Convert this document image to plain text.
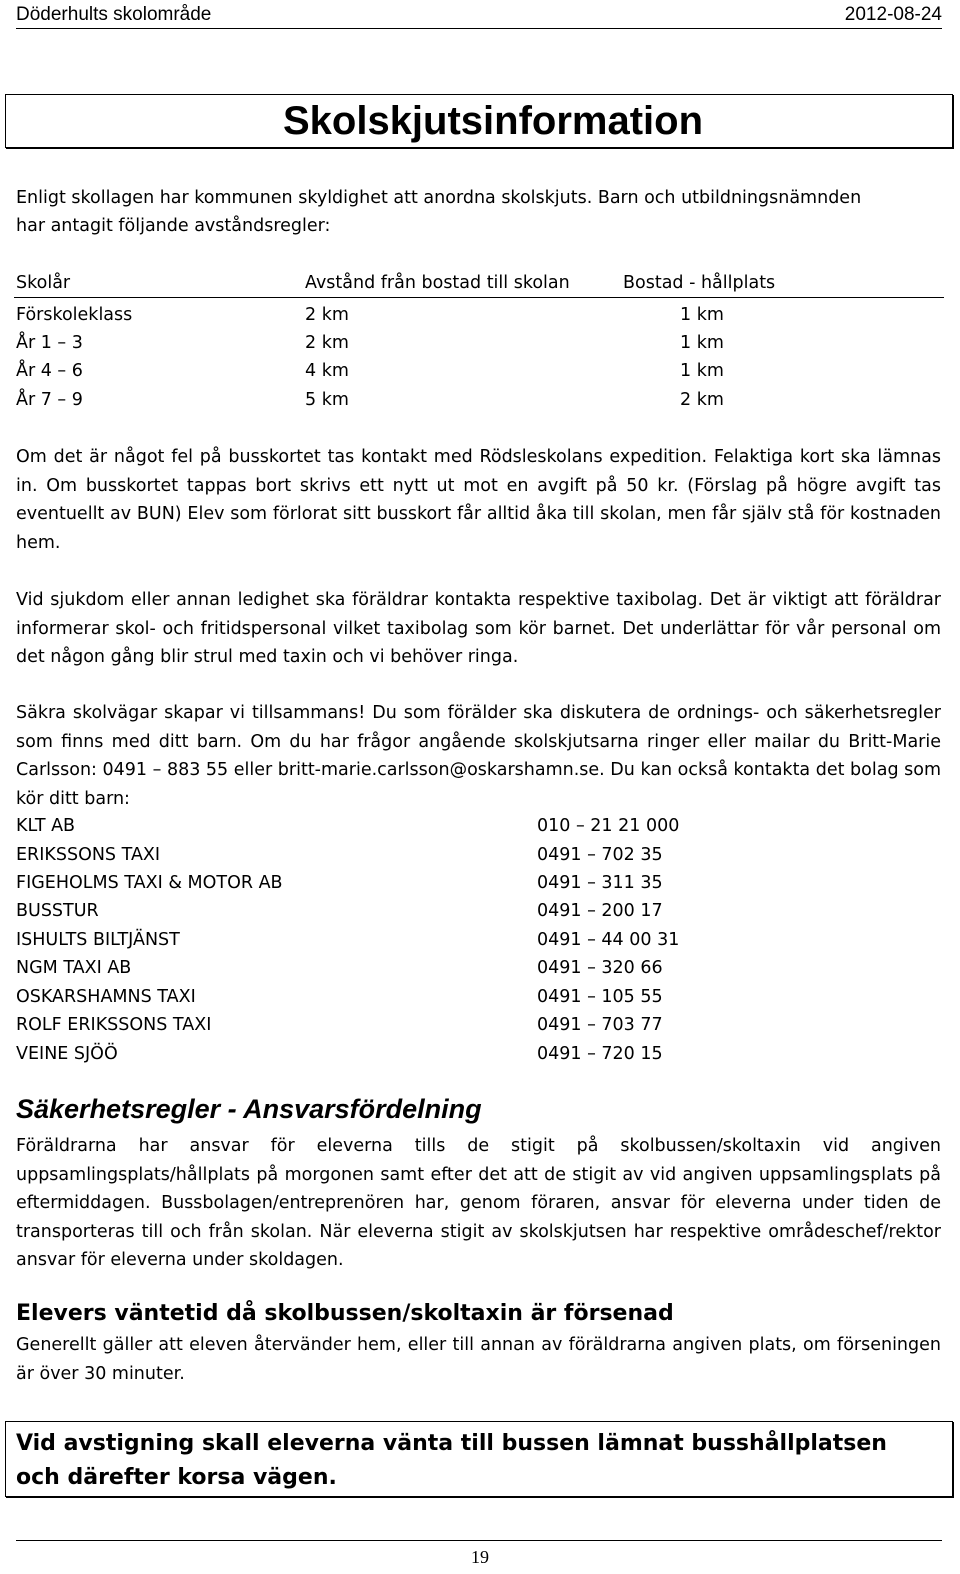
Döderhults skolområde	2012-08-24
Skolskjutsinformation
Enligt skollagen har kommunen skyldighet att anordna skolskjuts. Barn och utbildningsnämnden
har antagit följande avståndsregler:
Skolår	Avstånd från bostad till skolan	Bostad - hållplats
Förskoleklass	2 km	1 km
År 1 – 3	2 km	1 km
År 4 – 6	4 km	1 km
År 7 – 9	5 km	2 km

Om det är något fel på busskortet tas kontakt med Rödsleskolans expedition. Felaktiga kort ska lämnas in. Om busskortet tappas bort skrivs ett nytt ut mot en avgift på 50 kr. (Förslag på högre avgift tas eventuellt av BUN) Elev som förlorat sitt busskort får alltid åka till skolan, men får själv stå för kostnaden hem.

Vid sjukdom eller annan ledighet ska föräldrar kontakta respektive taxibolag. Det är viktigt att föräldrar informerar skol- och fritidspersonal vilket taxibolag som kör barnet. Det underlättar för vår personal om det någon gång blir strul med taxin och vi behöver ringa.

Säkra skolvägar skapar vi tillsammans! Du som förälder ska diskutera de ordnings- och säkerhetsregler som finns med ditt barn. Om du har frågor angående skolskjutsarna ringer eller mailar du Britt-Marie Carlsson: 0491 – 883 55 eller britt-marie.carlsson@oskarshamn.se. Du kan också kontakta det bolag som kör ditt barn:

KLT AB	010 – 21 21 000
ERIKSSONS TAXI	0491 – 702 35
FIGEHOLMS TAXI & MOTOR AB	0491 – 311 35
BUSSTUR	0491 – 200 17
ISHULTS BILTJÄNST	0491 – 44 00 31
NGM TAXI AB	0491 – 320 66
OSKARSHAMNS TAXI	0491 – 105 55
ROLF ERIKSSONS TAXI	0491 – 703 77
VEINE SJÖÖ	0491 – 720 15
Säkerhetsregler - Ansvarsfördelning

Föräldrarna har ansvar för eleverna tills de stigit på skolbussen/skoltaxin vid angiven uppsamlingsplats/hållplats på morgonen samt efter det att de stigit av vid angiven uppsamlingsplats på eftermiddagen. Bussbolagen/entreprenören har, genom föraren, ansvar för eleverna under tiden de transporteras till och från skolan. När eleverna stigit av skolskjutsen har respektive områdeschef/rektor ansvar för eleverna under skoldagen.

Elevers väntetid då skolbussen/skoltaxin är försenad

Generellt gäller att eleven återvänder hem, eller till annan av föräldrarna angiven plats, om förseningen är över 30 minuter.

Vid avstigning skall eleverna vänta till bussen lämnat busshållplatsen och därefter korsa vägen.

19
